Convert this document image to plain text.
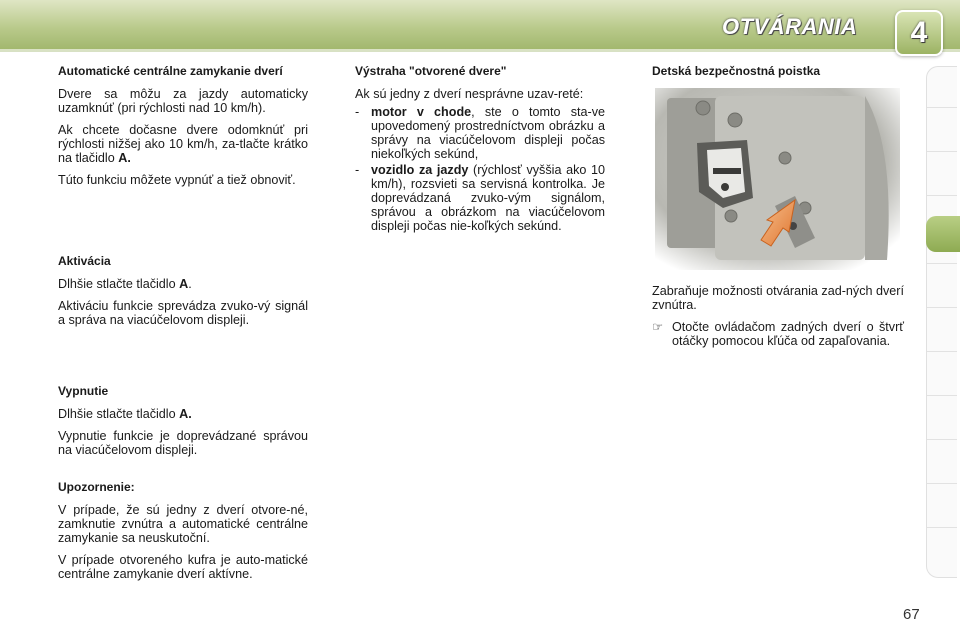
OTVÁRANIA	4
Automatické centrálne zamykanie dverí

Dvere sa môžu za jazdy automaticky uzamknúť (pri rýchlosti nad 10 km/h).

Ak chcete dočasne dvere odomknúť pri rýchlosti nižšej ako 10 km/h, za-tlačte krátko na tlačidlo A.

Túto funkciu môžete vypnúť a tiež obnoviť.

Aktivácia

Dlhšie stlačte tlačidlo A.

Aktiváciu funkcie sprevádza zvuko-vý signál a správa na viacúčelovom displeji.

Vypnutie

Dlhšie stlačte tlačidlo A.

Vypnutie funkcie je doprevádzané správou na viacúčelovom displeji.

Upozornenie:

V prípade, že sú jedny z dverí otvore-né, zamknutie zvnútra a automatické centrálne zamykanie sa neuskutoční.

V prípade otvoreného kufra je auto-matické centrálne zamykanie dverí aktívne.

Výstraha "otvorené dvere"

Ak sú jedny z dverí nesprávne uzav-reté:

- motor v chode, ste o tomto sta-ve upovedomený prostredníctvom obrázku a správy na viacúčelovom displeji počas niekoľkých sekúnd,
- vozidlo za jazdy (rýchlosť vyššia ako 10 km/h), rozsvieti sa servisná kontrolka. Je doprevádzaná zvuko-vým signálom, správou a obrázkom na viacúčelovom displeji počas nie-koľkých sekúnd.
Detská bezpečnostná poistka

Zabraňuje možnosti otvárania zad-ných dverí zvnútra.

☞ Otočte ovládačom zadných dverí o štvrť otáčky pomocou kľúča od zapaľovania.
67
